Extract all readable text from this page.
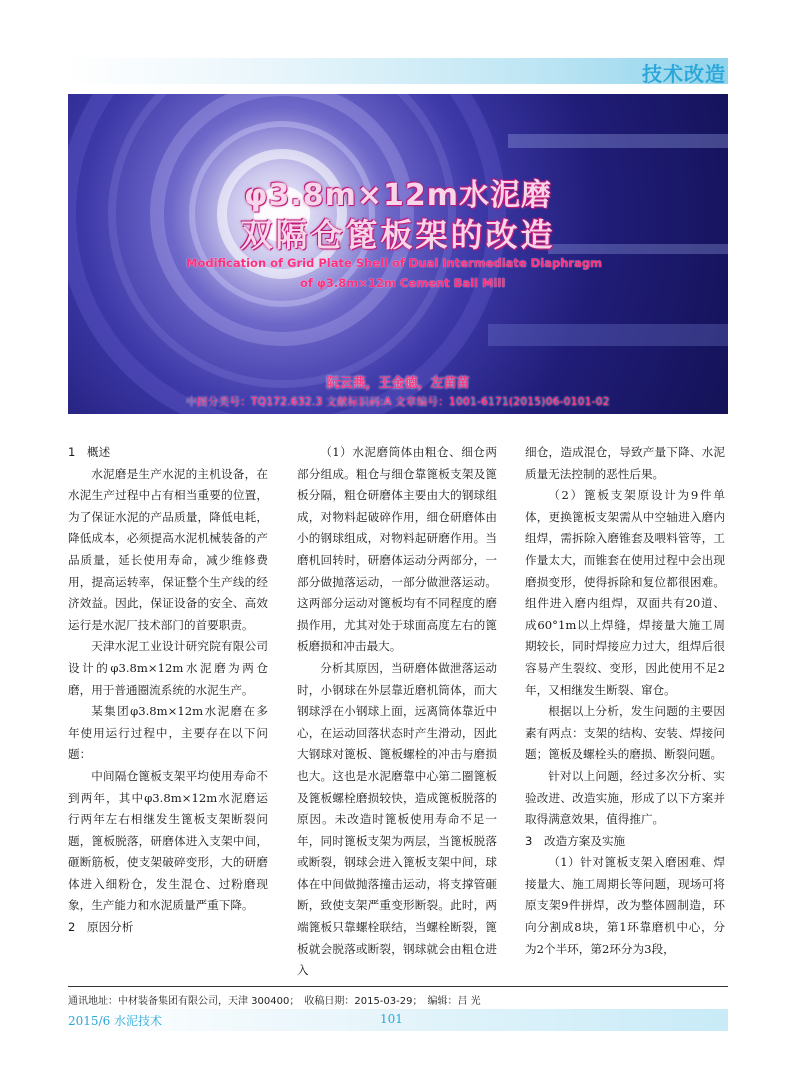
技术改造
φ3.8m×12m水泥磨
双隔仓篦板架的改造
Modification of Grid Plate Shell of Dual Intermediate Diaphragm
of φ3.8m×12m Cement Ball Mill
阮云燕，王金德，左苗苗
中图分类号：TQ172.632.3 文献标识码:A 文章编号：1001-6171(2015)06-0101-02
1　概述

水泥磨是生产水泥的主机设备，在水泥生产过程中占有相当重要的位置，为了保证水泥的产品质量，降低电耗，降低成本，必须提高水泥机械装备的产品质量，延长使用寿命，减少维修费用，提高运转率，保证整个生产线的经济效益。因此，保证设备的安全、高效运行是水泥厂技术部门的首要职责。

天津水泥工业设计研究院有限公司设计的φ3.8m×12m水泥磨为两仓磨，用于普通圈流系统的水泥生产。

某集团φ3.8m×12m水泥磨在多年使用运行过程中，主要存在以下问题：

中间隔仓篦板支架平均使用寿命不到两年，其中φ3.8m×12m水泥磨运行两年左右相继发生篦板支架断裂问题，篦板脱落，研磨体进入支架中间，砸断筋板，使支架破碎变形，大的研磨体进入细粉仓，发生混仓、过粉磨现象，生产能力和水泥质量严重下降。

2　原因分析

（1）水泥磨筒体由粗仓、细仓两部分组成。粗仓与细仓靠篦板支架及篦板分隔，粗仓研磨体主要由大的钢球组成，对物料起破碎作用，细仓研磨体由小的钢球组成，对物料起研磨作用。当磨机回转时，研磨体运动分两部分，一部分做抛落运动，一部分做泄落运动。这两部分运动对篦板均有不同程度的磨损作用，尤其对处于球面高度左右的篦板磨损和冲击最大。

分析其原因，当研磨体做泄落运动时，小钢球在外层靠近磨机筒体，而大钢球浮在小钢球上面，远离筒体靠近中心，在运动回落状态时产生滑动，因此大钢球对篦板、篦板螺栓的冲击与磨损也大。这也是水泥磨靠中心第二圈篦板及篦板螺栓磨损较快，造成篦板脱落的原因。未改造时篦板使用寿命不足一年，同时篦板支架为两层，当篦板脱落或断裂，钢球会进入篦板支架中间，球体在中间做抛落撞击运动，将支撑管砸断，致使支架严重变形断裂。此时，两端篦板只靠螺栓联结，当螺栓断裂，篦板就会脱落或断裂，钢球就会由粗仓进入

细仓，造成混仓，导致产量下降、水泥质量无法控制的恶性后果。

（2）篦板支架原设计为9件单体，更换篦板支架需从中空轴进入磨内组焊，需拆除入磨锥套及喂料管等，工作量太大，而锥套在使用过程中会出现磨损变形，使得拆除和复位都很困难。组件进入磨内组焊，双面共有20道、成60°1m以上焊缝，焊接量大施工周期较长，同时焊接应力过大，组焊后很容易产生裂纹、变形，因此使用不足2年，又相继发生断裂、窜仓。

根据以上分析，发生问题的主要因素有两点：支架的结构、安装、焊接问题；篦板及螺栓头的磨损、断裂问题。

针对以上问题，经过多次分析、实验改进、改造实施，形成了以下方案并取得满意效果，值得推广。

3　改造方案及实施

（1）针对篦板支架入磨困难、焊接量大、施工周期长等问题，现场可将原支架9件拼焊，改为整体圆制造，环向分割成8块，第1环靠磨机中心，分为2个半环，第2环分为3段，

通讯地址：中材装备集团有限公司，天津 300400；　收稿日期：2015-03-29；　编辑：吕 光
2015/6 水泥技术	101
